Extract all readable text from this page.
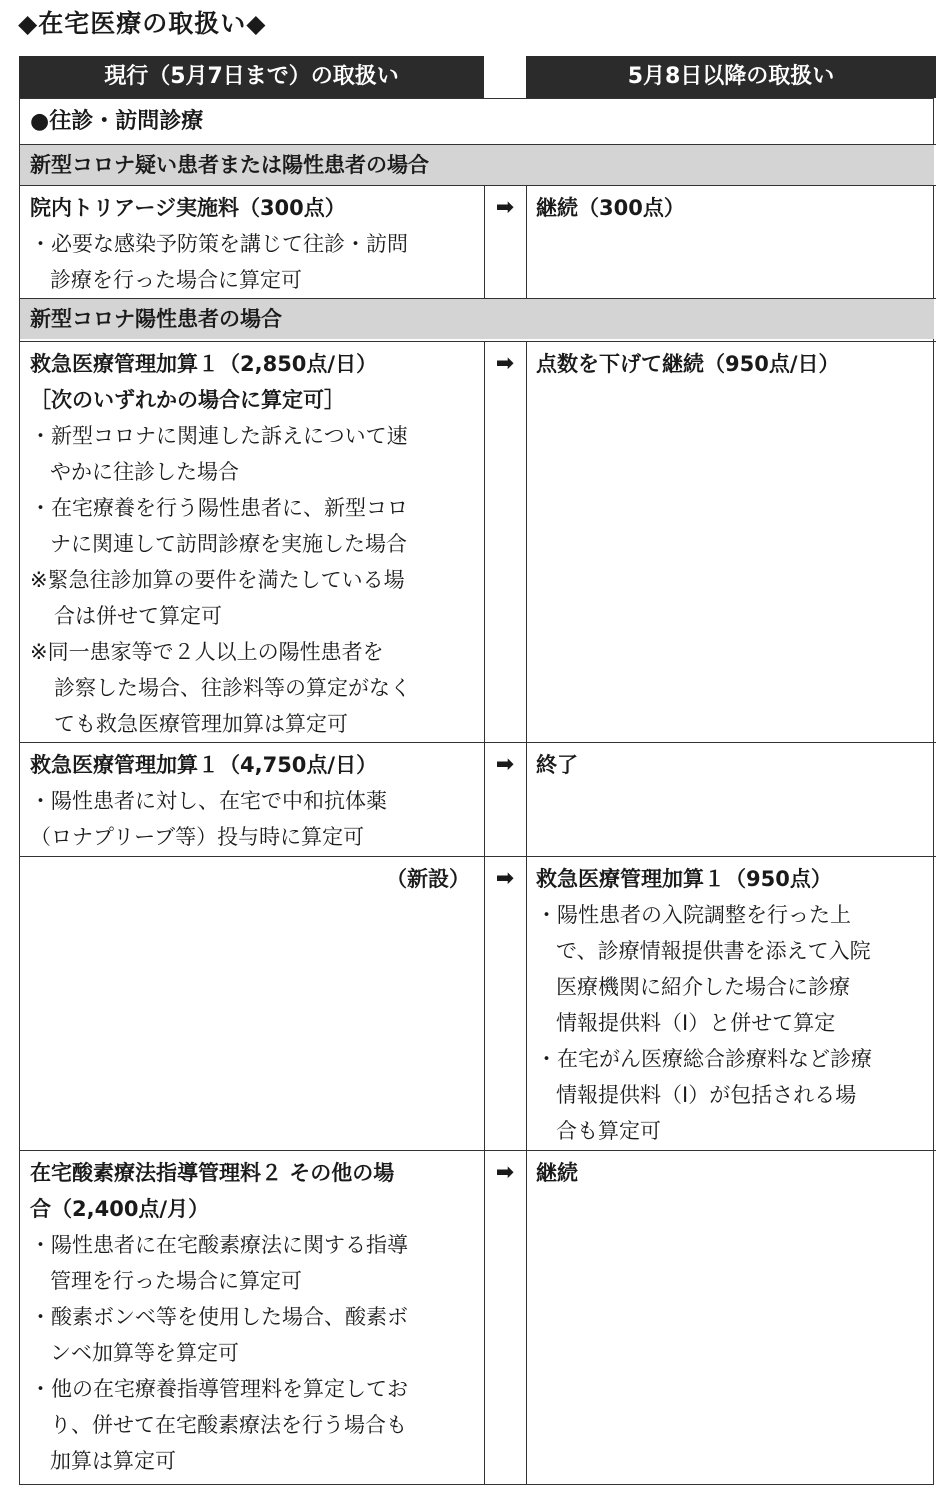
◆在宅医療の取扱い◆
現行（5月7日まで）の取扱い	5月8日以降の取扱い
●往診・訪問診療
新型コロナ疑い患者または陽性患者の場合
新型コロナ陽性患者の場合
院内トリアージ実施料（300点）
・必要な感染予防策を講じて往診・訪問
診療を行った場合に算定可
➡ 継続（300点）
救急医療管理加算１（2,850点/日）
［次のいずれかの場合に算定可］
・新型コロナに関連した訴えについて速
やかに往診した場合
・在宅療養を行う陽性患者に、新型コロ
ナに関連して訪問診療を実施した場合
※緊急往診加算の要件を満たしている場
合は併せて算定可
※同一患家等で２人以上の陽性患者を
診察した場合、往診料等の算定がなく
ても救急医療管理加算は算定可
➡ 点数を下げて継続（950点/日）
救急医療管理加算１（4,750点/日）
・陽性患者に対し、在宅で中和抗体薬
（ロナプリーブ等）投与時に算定可
➡ 終了
（新設） ➡ 救急医療管理加算１（950点）
・陽性患者の入院調整を行った上
で、診療情報提供書を添えて入院
医療機関に紹介した場合に診療
情報提供料（Ⅰ）と併せて算定
・在宅がん医療総合診療料など診療
情報提供料（Ⅰ）が包括される場
合も算定可
在宅酸素療法指導管理料２ その他の場
合（2,400点/月）
・陽性患者に在宅酸素療法に関する指導
管理を行った場合に算定可
・酸素ボンベ等を使用した場合、酸素ボ
ンベ加算等を算定可
・他の在宅療養指導管理料を算定してお
り、併せて在宅酸素療法を行う場合も
加算は算定可
➡ 継続
